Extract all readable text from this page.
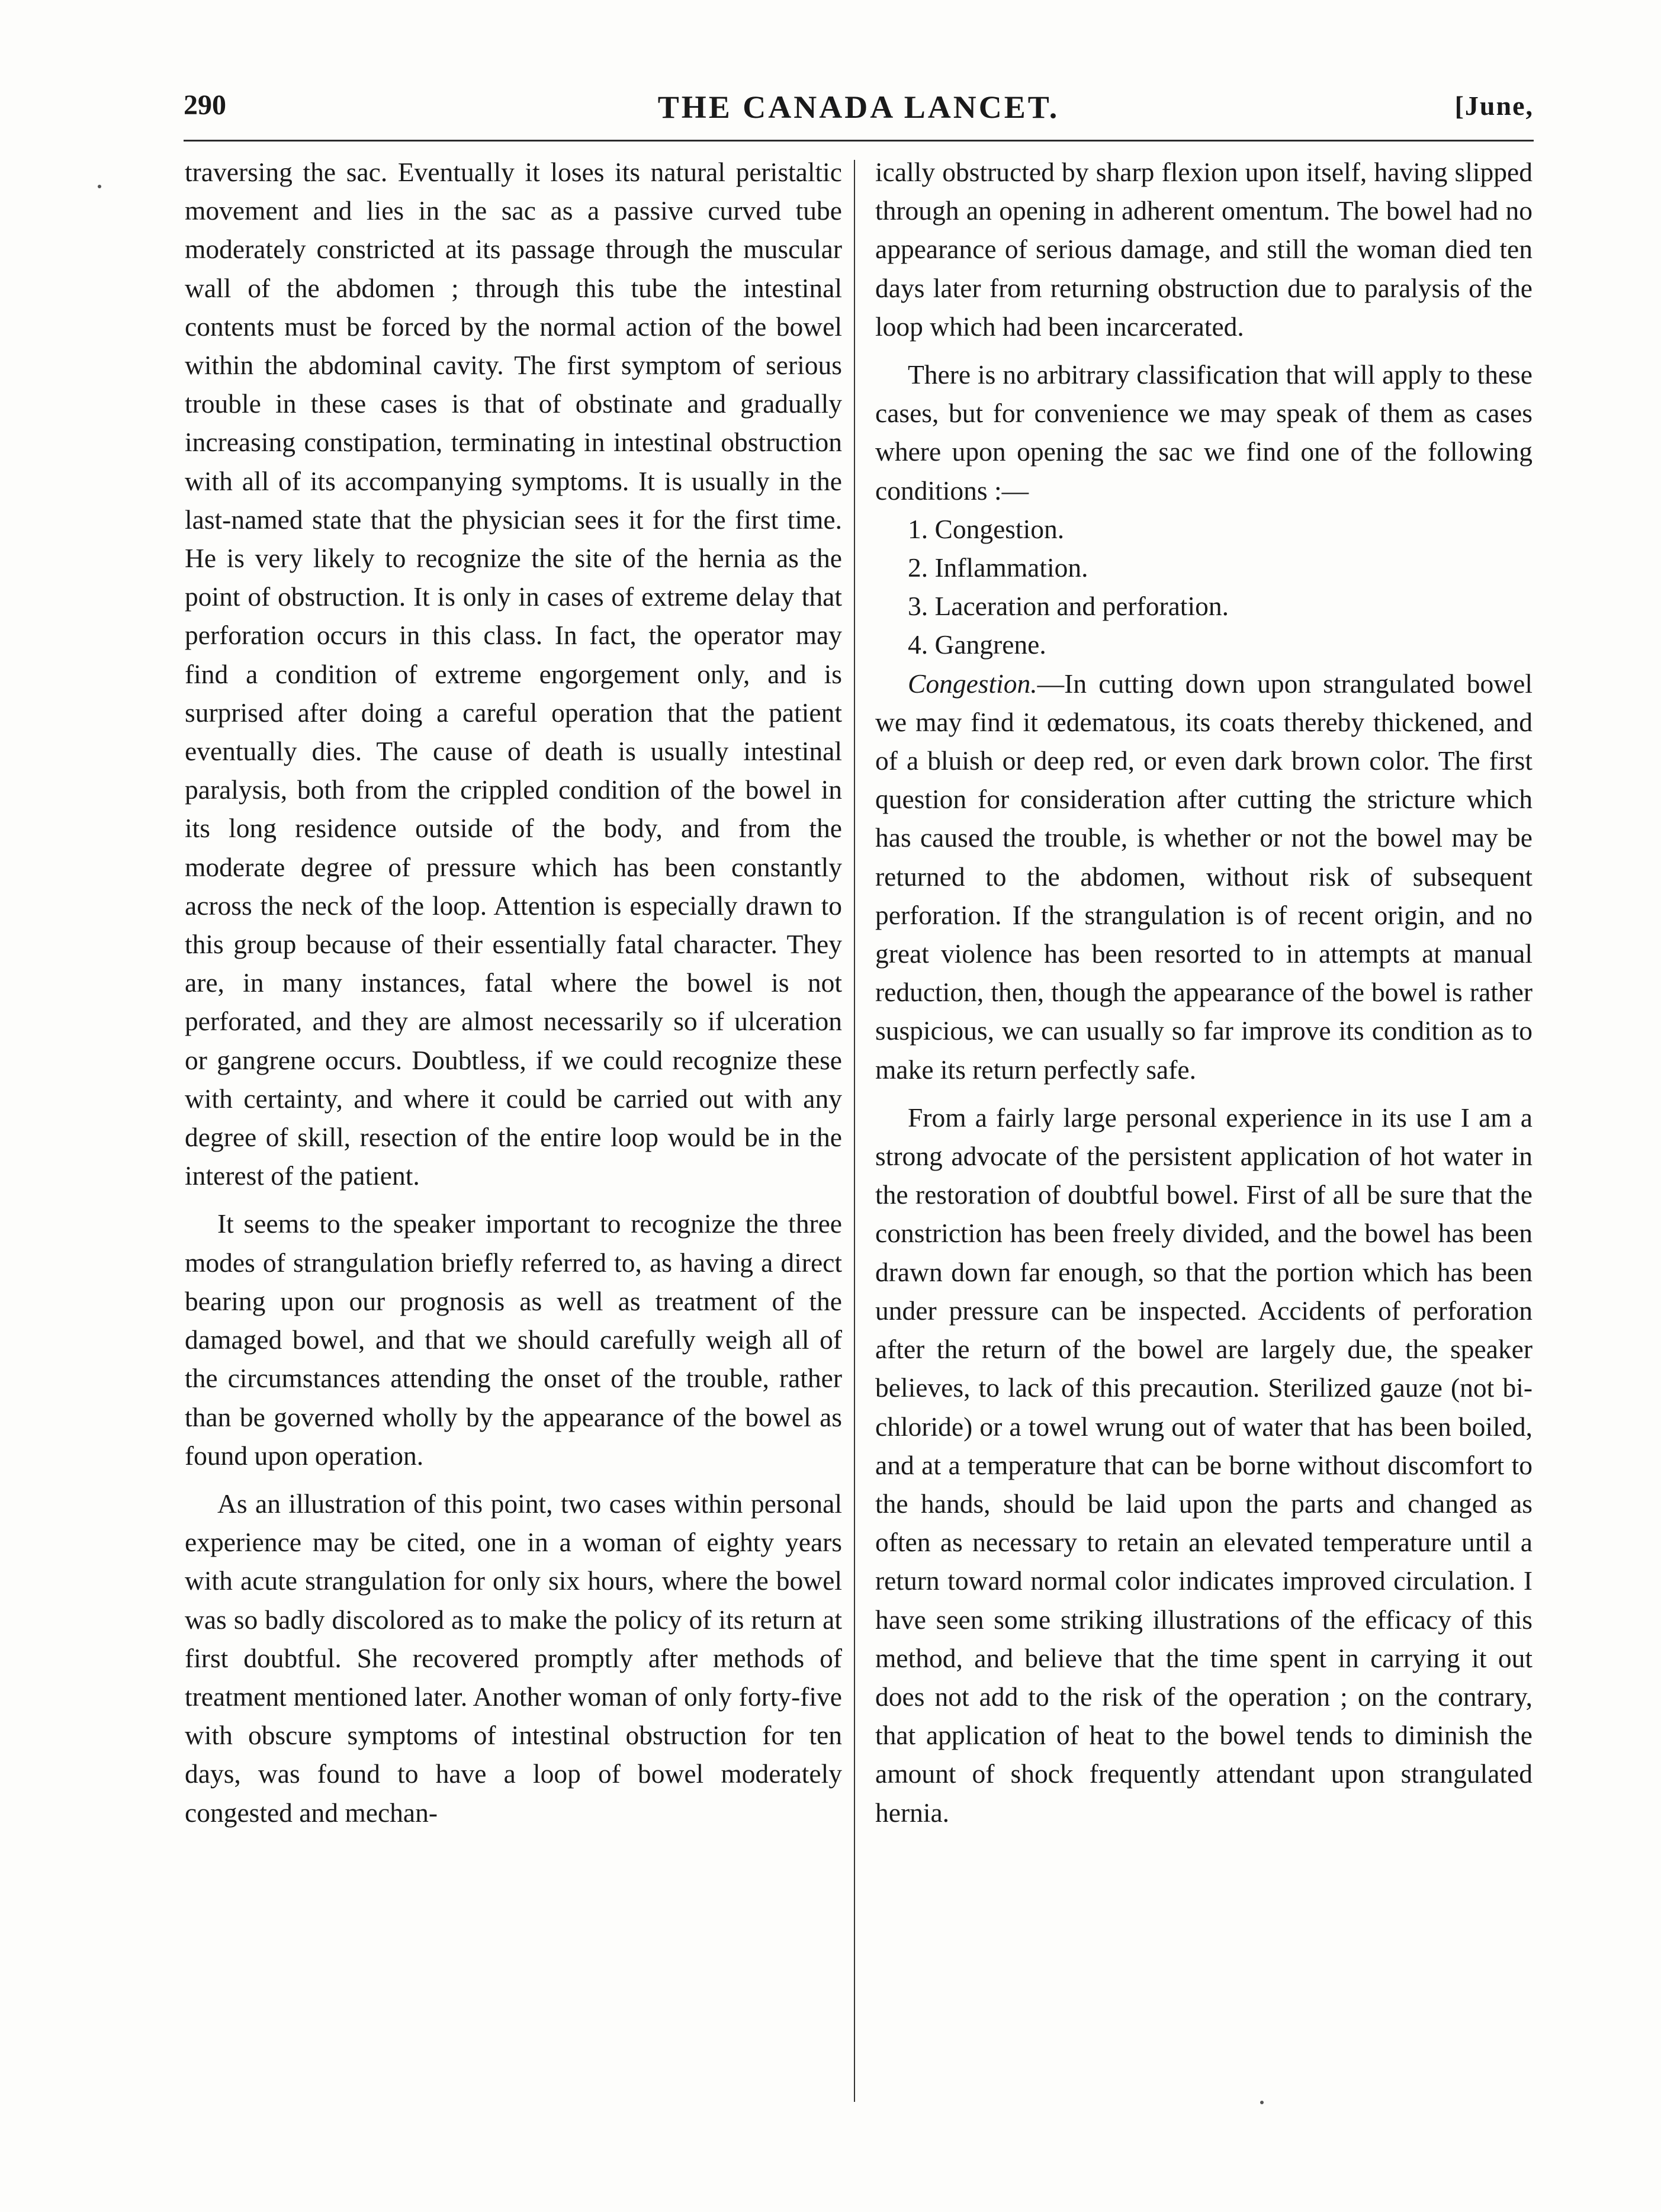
290	THE CANADA LANCET.	[June,

traversing the sac. Eventually it loses its natural peristaltic movement and lies in the sac as a passive curved tube moderately constricted at its passage through the muscular wall of the abdomen ; through this tube the intestinal contents must be forced by the normal action of the bowel within the abdominal cavity. The first symptom of serious trouble in these cases is that of obstinate and gradually increasing constipation, terminating in intestinal obstruction with all of its accompanying symptoms. It is usually in the last-named state that the physician sees it for the first time. He is very likely to recognize the site of the hernia as the point of obstruction. It is only in cases of extreme delay that perforation occurs in this class. In fact, the operator may find a condition of extreme engorgement only, and is surprised after doing a careful operation that the patient eventually dies. The cause of death is usually intestinal paralysis, both from the crippled condition of the bowel in its long residence outside of the body, and from the moderate degree of pressure which has been constantly across the neck of the loop. Attention is especially drawn to this group because of their essentially fatal character. They are, in many instances, fatal where the bowel is not perforated, and they are almost necessarily so if ulceration or gangrene occurs. Doubtless, if we could recognize these with certainty, and where it could be carried out with any degree of skill, resection of the entire loop would be in the interest of the patient.

It seems to the speaker important to recognize the three modes of strangulation briefly referred to, as having a direct bearing upon our prognosis as well as treatment of the damaged bowel, and that we should carefully weigh all of the circumstances attending the onset of the trouble, rather than be governed wholly by the appearance of the bowel as found upon operation.

As an illustration of this point, two cases within personal experience may be cited, one in a woman of eighty years with acute strangulation for only six hours, where the bowel was so badly discolored as to make the policy of its return at first doubtful. She recovered promptly after methods of treatment mentioned later. Another woman of only forty-five with obscure symptoms of intestinal obstruction for ten days, was found to have a loop of bowel moderately congested and mechan-

ically obstructed by sharp flexion upon itself, having slipped through an opening in adherent omentum. The bowel had no appearance of serious damage, and still the woman died ten days later from returning obstruction due to paralysis of the loop which had been incarcerated.

There is no arbitrary classification that will apply to these cases, but for convenience we may speak of them as cases where upon opening the sac we find one of the following conditions :—

1. Congestion.

2. Inflammation.

3. Laceration and perforation.

4. Gangrene.

Congestion.—In cutting down upon strangulated bowel we may find it œdematous, its coats thereby thickened, and of a bluish or deep red, or even dark brown color. The first question for consideration after cutting the stricture which has caused the trouble, is whether or not the bowel may be returned to the abdomen, without risk of subsequent perforation. If the strangulation is of recent origin, and no great violence has been resorted to in attempts at manual reduction, then, though the appearance of the bowel is rather suspicious, we can usually so far improve its condition as to make its return perfectly safe.

From a fairly large personal experience in its use I am a strong advocate of the persistent application of hot water in the restoration of doubtful bowel. First of all be sure that the constriction has been freely divided, and the bowel has been drawn down far enough, so that the portion which has been under pressure can be inspected. Accidents of perforation after the return of the bowel are largely due, the speaker believes, to lack of this precaution. Sterilized gauze (not bi-chloride) or a towel wrung out of water that has been boiled, and at a temperature that can be borne without discomfort to the hands, should be laid upon the parts and changed as often as necessary to retain an elevated temperature until a return toward normal color indicates improved circulation. I have seen some striking illustrations of the efficacy of this method, and believe that the time spent in carrying it out does not add to the risk of the operation ; on the contrary, that application of heat to the bowel tends to diminish the amount of shock frequently attendant upon strangulated hernia.
